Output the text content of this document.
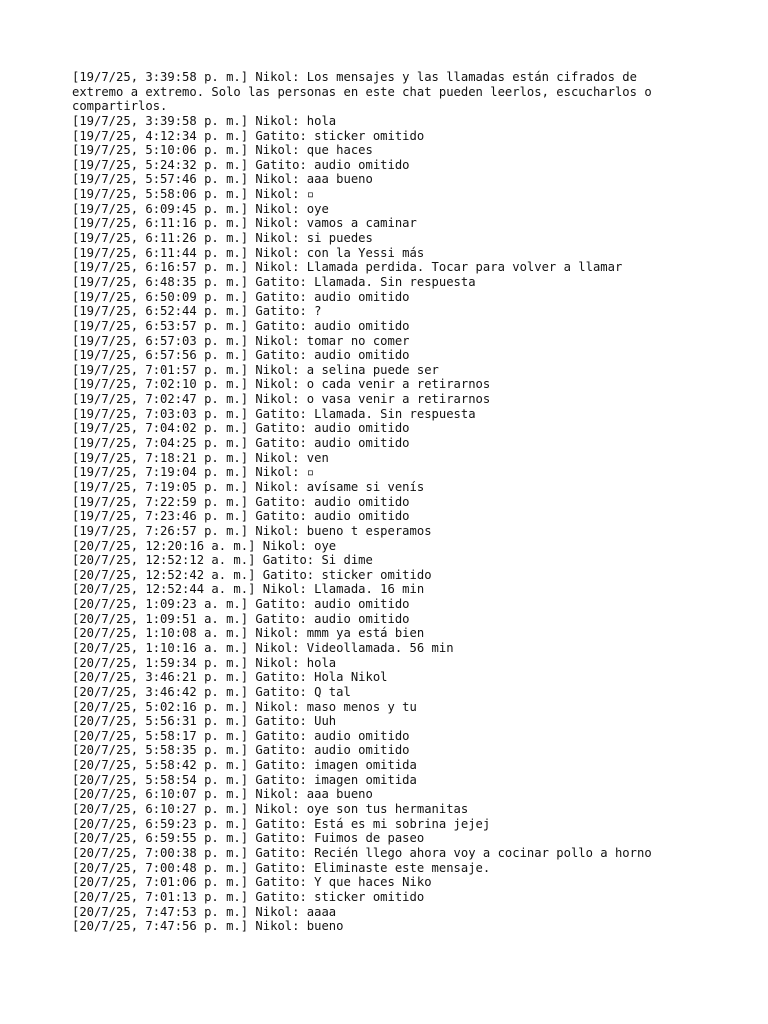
[19/7/25, 3:39:58 p. m.] Nikol: Los mensajes y las llamadas están cifrados de
extremo a extremo. Solo las personas en este chat pueden leerlos, escucharlos o
compartirlos.
[19/7/25, 3:39:58 p. m.] Nikol: hola
[19/7/25, 4:12:34 p. m.] Gatito: sticker omitido
[19/7/25, 5:10:06 p. m.] Nikol: que haces
[19/7/25, 5:24:32 p. m.] Gatito: audio omitido
[19/7/25, 5:57:46 p. m.] Nikol: aaa bueno
[19/7/25, 5:58:06 p. m.] Nikol: ▫
[19/7/25, 6:09:45 p. m.] Nikol: oye
[19/7/25, 6:11:16 p. m.] Nikol: vamos a caminar
[19/7/25, 6:11:26 p. m.] Nikol: si puedes
[19/7/25, 6:11:44 p. m.] Nikol: con la Yessi más
[19/7/25, 6:16:57 p. m.] Nikol: Llamada perdida. Tocar para volver a llamar
[19/7/25, 6:48:35 p. m.] Gatito: Llamada. Sin respuesta
[19/7/25, 6:50:09 p. m.] Gatito: audio omitido
[19/7/25, 6:52:44 p. m.] Gatito: ?
[19/7/25, 6:53:57 p. m.] Gatito: audio omitido
[19/7/25, 6:57:03 p. m.] Nikol: tomar no comer
[19/7/25, 6:57:56 p. m.] Gatito: audio omitido
[19/7/25, 7:01:57 p. m.] Nikol: a selina puede ser
[19/7/25, 7:02:10 p. m.] Nikol: o cada venir a retirarnos
[19/7/25, 7:02:47 p. m.] Nikol: o vasa venir a retirarnos
[19/7/25, 7:03:03 p. m.] Gatito: Llamada. Sin respuesta
[19/7/25, 7:04:02 p. m.] Gatito: audio omitido
[19/7/25, 7:04:25 p. m.] Gatito: audio omitido
[19/7/25, 7:18:21 p. m.] Nikol: ven
[19/7/25, 7:19:04 p. m.] Nikol: ▫
[19/7/25, 7:19:05 p. m.] Nikol: avísame si venís
[19/7/25, 7:22:59 p. m.] Gatito: audio omitido
[19/7/25, 7:23:46 p. m.] Gatito: audio omitido
[19/7/25, 7:26:57 p. m.] Nikol: bueno t esperamos
[20/7/25, 12:20:16 a. m.] Nikol: oye
[20/7/25, 12:52:12 a. m.] Gatito: Si dime
[20/7/25, 12:52:42 a. m.] Gatito: sticker omitido
[20/7/25, 12:52:44 a. m.] Nikol: Llamada. 16 min
[20/7/25, 1:09:23 a. m.] Gatito: audio omitido
[20/7/25, 1:09:51 a. m.] Gatito: audio omitido
[20/7/25, 1:10:08 a. m.] Nikol: mmm ya está bien
[20/7/25, 1:10:16 a. m.] Nikol: Videollamada. 56 min
[20/7/25, 1:59:34 p. m.] Nikol: hola
[20/7/25, 3:46:21 p. m.] Gatito: Hola Nikol
[20/7/25, 3:46:42 p. m.] Gatito: Q tal
[20/7/25, 5:02:16 p. m.] Nikol: maso menos y tu
[20/7/25, 5:56:31 p. m.] Gatito: Uuh
[20/7/25, 5:58:17 p. m.] Gatito: audio omitido
[20/7/25, 5:58:35 p. m.] Gatito: audio omitido
[20/7/25, 5:58:42 p. m.] Gatito: imagen omitida
[20/7/25, 5:58:54 p. m.] Gatito: imagen omitida
[20/7/25, 6:10:07 p. m.] Nikol: aaa bueno
[20/7/25, 6:10:27 p. m.] Nikol: oye son tus hermanitas
[20/7/25, 6:59:23 p. m.] Gatito: Está es mi sobrina jejej
[20/7/25, 6:59:55 p. m.] Gatito: Fuimos de paseo
[20/7/25, 7:00:38 p. m.] Gatito: Recién llego ahora voy a cocinar pollo a horno
[20/7/25, 7:00:48 p. m.] Gatito: Eliminaste este mensaje.
[20/7/25, 7:01:06 p. m.] Gatito: Y que haces Niko
[20/7/25, 7:01:13 p. m.] Gatito: sticker omitido
[20/7/25, 7:47:53 p. m.] Nikol: aaaa
[20/7/25, 7:47:56 p. m.] Nikol: bueno
